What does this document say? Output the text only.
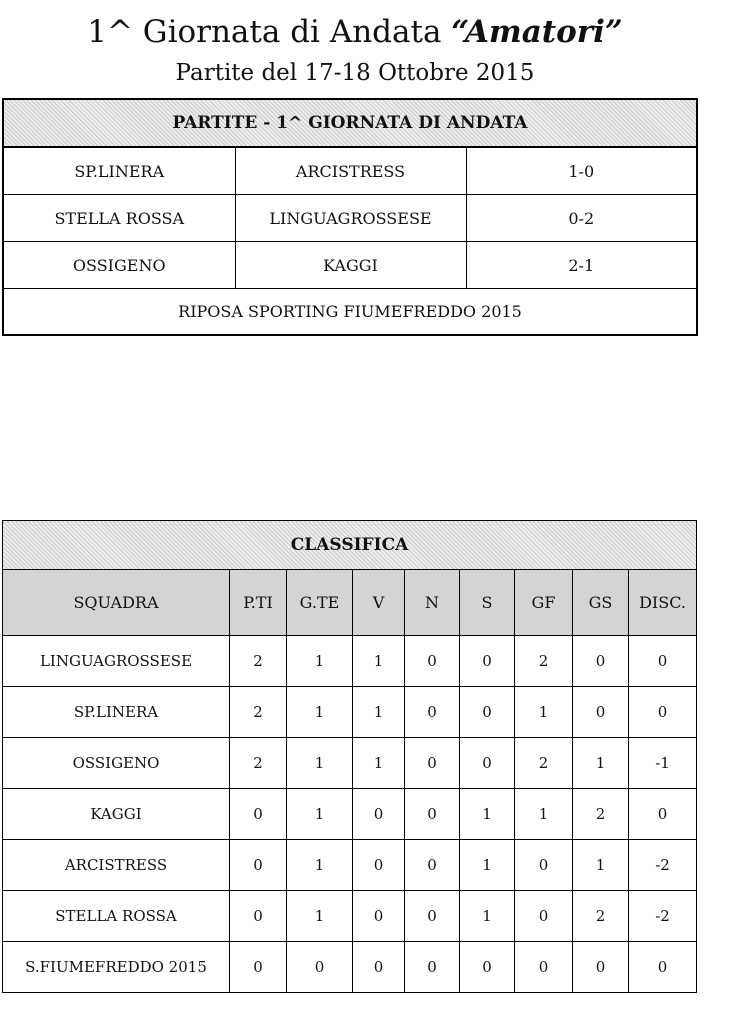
1^ Giornata di Andata “Amatori”
Partite del 17-18 Ottobre 2015
PARTITE - 1^ GIORNATA DI ANDATA		
SP.LINERA	ARCISTRESS	1-0
STELLA ROSSA	LINGUAGROSSESE	0-2
OSSIGENO	KAGGI	2-1
RIPOSA SPORTING FIUMEFREDDO 2015		
CLASSIFICA								
SQUADRA	P.TI	G.TE	V	N	S	GF	GS	DISC.
LINGUAGROSSESE	2	1	1	0	0	2	0	0
SP.LINERA	2	1	1	0	0	1	0	0
OSSIGENO	2	1	1	0	0	2	1	-1
KAGGI	0	1	0	0	1	1	2	0
ARCISTRESS	0	1	0	0	1	0	1	-2
STELLA ROSSA	0	1	0	0	1	0	2	-2
S.FIUMEFREDDO 2015	0	0	0	0	0	0	0	0
